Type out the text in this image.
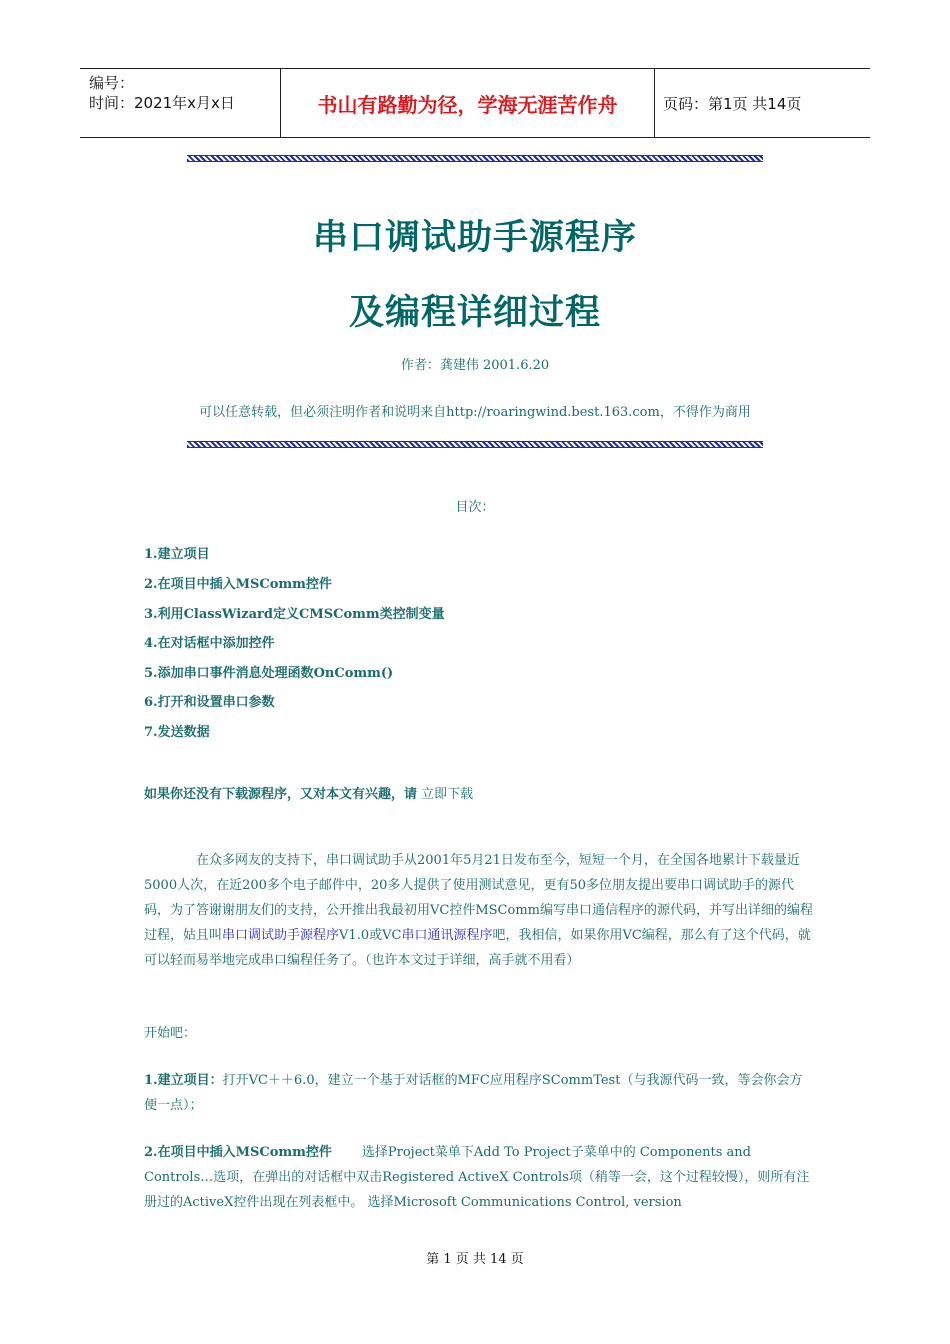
编号：
时间：2021年x月x日	书山有路勤为径，学海无涯苦作舟	页码：第1页 共14页
串口调试助手源程序
及编程详细过程
作者：龚建伟 2001.6.20
可以任意转载，但必须注明作者和说明来自http://roaringwind.best.163.com，不得作为商用
目次：
1.建立项目
2.在项目中插入MSComm控件
3.利用ClassWizard定义CMSComm类控制变量
4.在对话框中添加控件
5.添加串口事件消息处理函数OnComm()
6.打开和设置串口参数
7.发送数据
如果你还没有下载源程序，又对本文有兴趣，请 立即下载
在众多网友的支持下，串口调试助手从2001年5月21日发布至今，短短一个月，在全国各地累计下载量近5000人次，在近200多个电子邮件中，20多人提供了使用测试意见，更有50多位朋友提出要串口调试助手的源代码，为了答谢谢朋友们的支持，公开推出我最初用VC控件MSComm编写串口通信程序的源代码，并写出详细的编程过程，姑且叫串口调试助手源程序V1.0或VC串口通讯源程序吧，我相信，如果你用VC编程，那么有了这个代码，就可以轻而易举地完成串口编程任务了。（也许本文过于详细，高手就不用看）
开始吧：
1.建立项目：打开VC＋＋6.0，建立一个基于对话框的MFC应用程序SCommTest（与我源代码一致，等会你会方便一点）；
2.在项目中插入MSComm控件 选择Project菜单下Add To Project子菜单中的 Components and Controls…选项，在弹出的对话框中双击Registered ActiveX Controls项（稍等一会，这个过程较慢），则所有注册过的ActiveX控件出现在列表框中。 选择Microsoft Communications Control, version
第 1 页 共 14 页
